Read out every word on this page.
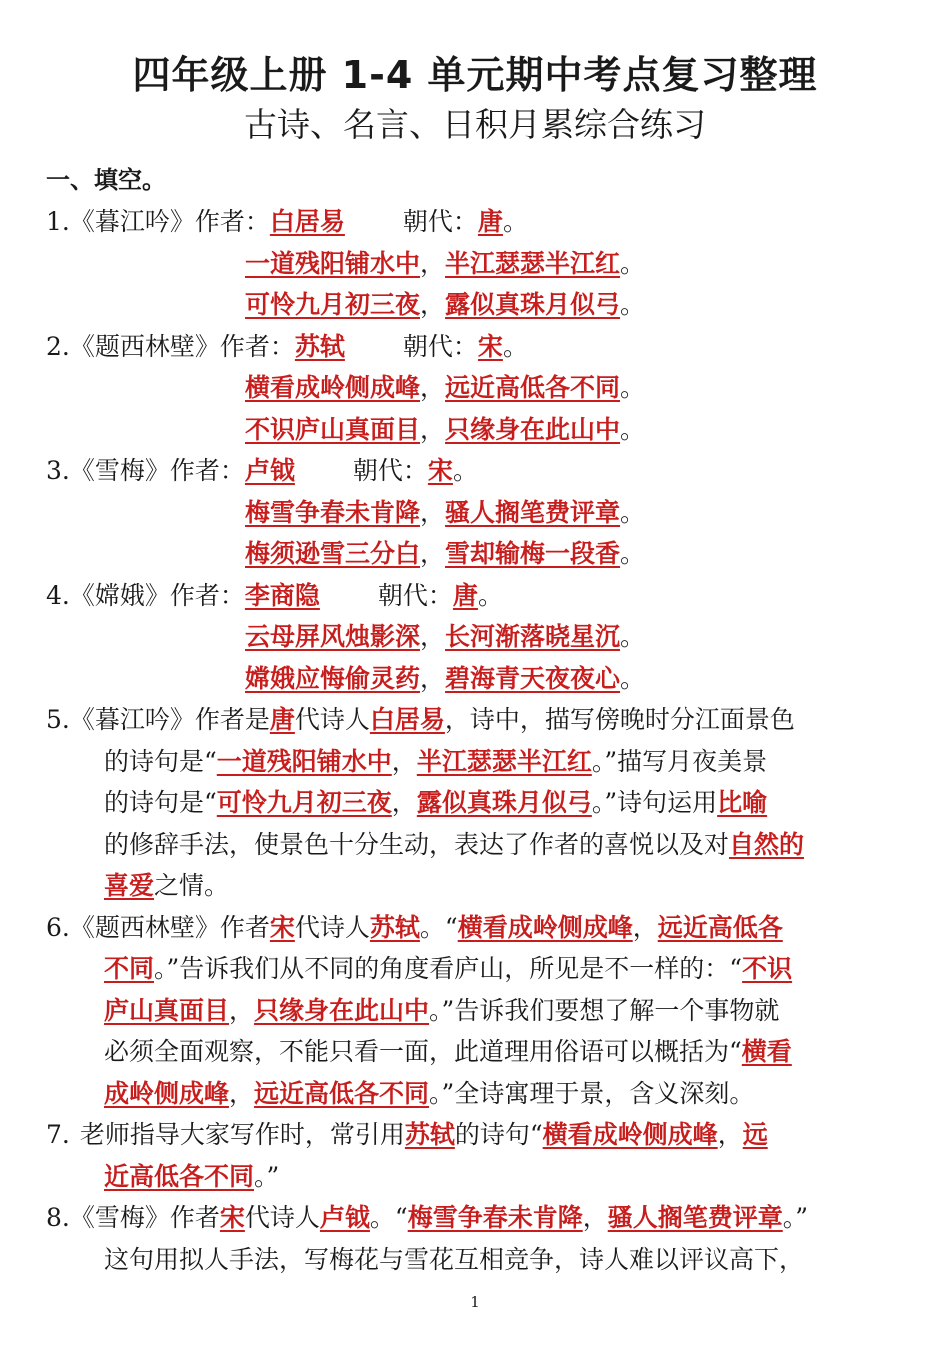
四年级上册 1-4 单元期中考点复习整理
古诗、名言、日积月累综合练习
一、填空。
1.《暮江吟》作者：白居易 朝代：唐。
一道残阳铺水中，半江瑟瑟半江红。
可怜九月初三夜，露似真珠月似弓。
2.《题西林壁》作者：苏轼 朝代：宋。
横看成岭侧成峰，远近高低各不同。
不识庐山真面目，只缘身在此山中。
3.《雪梅》作者：卢钺 朝代：宋。
梅雪争春未肯降，骚人搁笔费评章。
梅须逊雪三分白，雪却输梅一段香。
4.《嫦娥》作者：李商隐 朝代：唐。
云母屏风烛影深，长河渐落晓星沉。
嫦娥应悔偷灵药，碧海青天夜夜心。
5.《暮江吟》作者是唐代诗人白居易，诗中，描写傍晚时分江面景色
的诗句是“一道残阳铺水中，半江瑟瑟半江红。”描写月夜美景
的诗句是“可怜九月初三夜，露似真珠月似弓。”诗句运用比喻
的修辞手法，使景色十分生动，表达了作者的喜悦以及对自然的
喜爱之情。
6.《题西林壁》作者宋代诗人苏轼。“横看成岭侧成峰，远近高低各
不同。”告诉我们从不同的角度看庐山，所见是不一样的：“不识
庐山真面目，只缘身在此山中。”告诉我们要想了解一个事物就
必须全面观察，不能只看一面，此道理用俗语可以概括为“横看
成岭侧成峰，远近高低各不同。”全诗寓理于景，含义深刻。
7. 老师指导大家写作时，常引用苏轼的诗句“横看成岭侧成峰，远
近高低各不同。”
8.《雪梅》作者宋代诗人卢钺。“梅雪争春未肯降，骚人搁笔费评章。”
这句用拟人手法，写梅花与雪花互相竞争，诗人难以评议高下，
1
